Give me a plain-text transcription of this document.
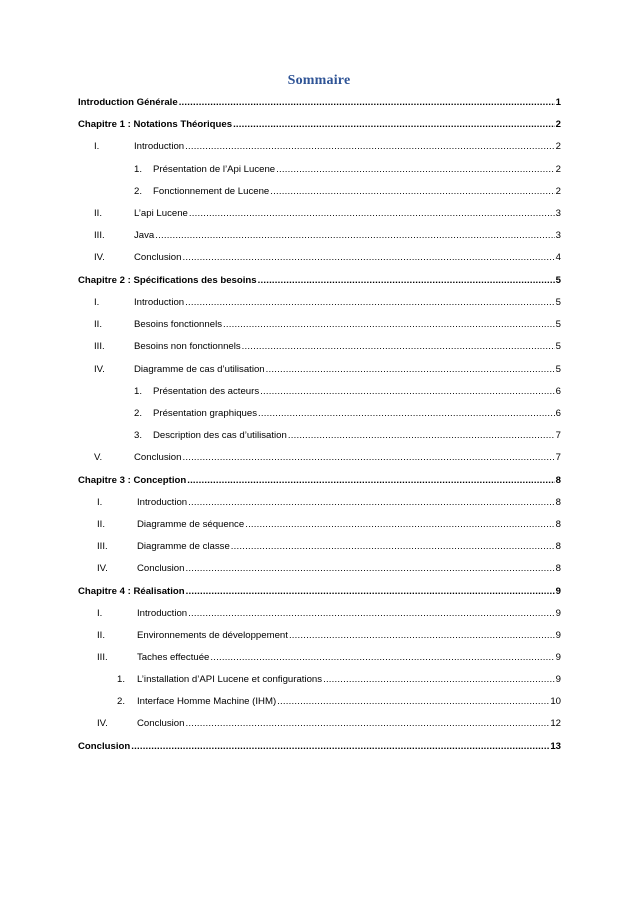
Sommaire
Introduction Générale .....	1
Chapitre 1 : Notations Théoriques .....	2
I.	Introduction .....	2
1.	Présentation de l’Api Lucene .....	2
2.	Fonctionnement de Lucene .....	2
II.	L’api Lucene .....	3
III.	Java .....	3
IV.	Conclusion .....	4
Chapitre 2 : Spécifications des besoins .....	5
I.	Introduction .....	5
II.	Besoins fonctionnels .....	5
III.	Besoins non fonctionnels .....	5
IV.	Diagramme de cas d’utilisation .....	5
1.	Présentation des acteurs .....	6
2.	Présentation graphiques .....	6
3.	Description des cas d’utilisation .....	7
V.	Conclusion .....	7
Chapitre 3 : Conception .....	8
I.	Introduction .....	8
II.	Diagramme de séquence .....	8
III.	Diagramme de classe .....	8
IV.	Conclusion .....	8
Chapitre 4 : Réalisation .....	9
I.	Introduction .....	9
II.	Environnements de développement .....	9
III.	Taches effectuée .....	9
1.	L’installation d’API Lucene et configurations .....	9
2.	Interface Homme Machine (IHM) .....	10
IV.	Conclusion .....	12
Conclusion .....	13
